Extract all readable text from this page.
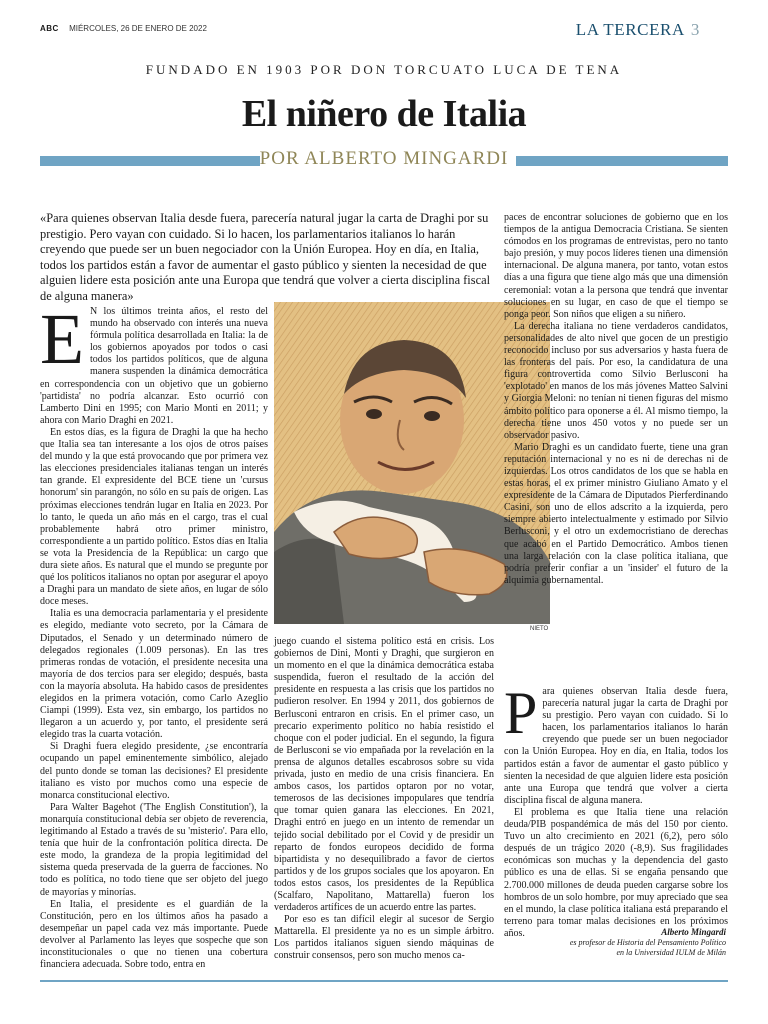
ABC MIÉRCOLES, 26 DE ENERO DE 2022	LA TERCERA 3
FUNDADO EN 1903 POR DON TORCUATO LUCA DE TENA
El niñero de Italia
POR ALBERTO MINGARDI
«Para quienes observan Italia desde fuera, parecería natural jugar la carta de Draghi por su prestigio. Pero vayan con cuidado. Si lo hacen, los parlamentarios italianos lo harán creyendo que puede ser un buen negociador con la Unión Europea. Hoy en día, en Italia, todos los partidos están a favor de aumentar el gasto público y sienten la necesidad de que alguien lidere esta posición ante una Europa que tendrá que volver a cierta disciplina fiscal de alguna manera»

E N los últimos treinta años, el resto del mundo ha observado con interés una nueva fórmula política desarrollada en Italia: la de los gobiernos apoyados por todos o casi todos los partidos políticos, que de alguna manera suspenden la dinámica democrática en correspondencia con un objetivo que un gobierno 'partidista' no podría alcanzar. Esto ocurrió con Lamberto Dini en 1995; con Mario Monti en 2011; y ahora con Mario Draghi en 2021.

En estos días, es la figura de Draghi la que ha hecho que Italia sea tan interesante a los ojos de otros países del mundo y la que está provocando que por primera vez las elecciones presidenciales italianas tengan un interés tan grande. El expresidente del BCE tiene un 'cursus honorum' sin parangón, no sólo en su país de origen. Las próximas elecciones tendrán lugar en Italia en 2023. Por lo tanto, le queda un año más en el cargo, tras el cual probablemente habrá otro primer ministro, correspondiente a un partido político. Estos días en Italia se vota la Presidencia de la República: un cargo que dura siete años. Es natural que el mundo se pregunte por qué los políticos italianos no optan por asegurar el apoyo a Draghi para un mandato de siete años, en lugar de sólo doce meses.

Italia es una democracia parlamentaria y el presidente es elegido, mediante voto secreto, por la Cámara de Diputados, el Senado y un determinado número de delegados regionales (1.009 personas). En las tres primeras rondas de votación, el presidente necesita una mayoría de dos tercios para ser elegido; después, basta con la mayoría absoluta. Ha habido casos de presidentes elegidos en la primera votación, como Carlo Azeglio Ciampi (1999). Esta vez, sin embargo, los partidos no llegaron a un acuerdo y, por tanto, el presidente será elegido tras la cuarta votación.

Si Draghi fuera elegido presidente, ¿se encontraría ocupando un papel eminentemente simbólico, alejado del punto donde se toman las decisiones? El presidente italiano es visto por muchos como una especie de monarca constitucional electivo.

Para Walter Bagehot ('The English Constitution'), la monarquía constitucional debía ser objeto de reverencia, legitimando al Estado a través de su 'misterio'. Para ello, tenía que huir de la confrontación política directa. De este modo, la grandeza de la propia legitimidad del sistema queda preservada de la guerra de facciones. No todo es política, no todo tiene que ser objeto del juego de mayorías y minorías.

En Italia, el presidente es el guardián de la Constitución, pero en los últimos años ha pasado a desempeñar un papel cada vez más importante. Puede devolver al Parlamento las leyes que sospeche que son inconstitucionales o que no tienen una cobertura financiera adecuada. Sobre todo, entra en

NIETO

juego cuando el sistema político está en crisis. Los gobiernos de Dini, Monti y Draghi, que surgieron en un momento en el que la dinámica democrática estaba suspendida, fueron el resultado de la acción del presidente en respuesta a las crisis que los partidos no pudieron resolver. En 1994 y 2011, dos gobiernos de Berlusconi entraron en crisis. En el primer caso, un precario experimento político no había resistido el choque con el poder judicial. En el segundo, la figura de Berlusconi se vio empañada por la revelación en la prensa de algunos detalles escabrosos sobre su vida privada, justo en medio de una crisis financiera. En ambos casos, los partidos optaron por no votar, temerosos de las decisiones impopulares que tendría que tomar quien ganara las elecciones. En 2021, Draghi entró en juego en un intento de remendar un tejido social debilitado por el Covid y de presidir un reparto de fondos europeos decidido de forma bipartidista y no desequilibrado a favor de ciertos partidos y de los grupos sociales que los apoyaron. En todos estos casos, los presidentes de la República (Scalfaro, Napolitano, Mattarella) fueron los verdaderos artífices de un acuerdo entre las partes.

Por eso es tan difícil elegir al sucesor de Sergio Mattarella. El presidente ya no es un simple árbitro. Los partidos italianos siguen siendo máquinas de construir consensos, pero son mucho menos ca-

paces de encontrar soluciones de gobierno que en los tiempos de la antigua Democracia Cristiana. Se sienten cómodos en los programas de entrevistas, pero no tanto bajo presión, y muy pocos líderes tienen una dimensión internacional. De alguna manera, por tanto, votan estos días a una figura que tiene algo más que una dimensión ceremonial: votan a la persona que tendrá que inventar soluciones en su lugar, en caso de que el tiempo se ponga peor. Son niños que eligen a su niñero.

La derecha italiana no tiene verdaderos candidatos, personalidades de alto nivel que gocen de un prestigio reconocido incluso por sus adversarios y hasta fuera de las fronteras del país. Por eso, la candidatura de una figura controvertida como Silvio Berlusconi ha 'explotado' en manos de los más jóvenes Matteo Salvini y Giorgia Meloni: no tenían ni tienen figuras del mismo ámbito político para oponerse a él. Al mismo tiempo, la derecha tiene unos 450 votos y no puede ser un observador pasivo.

Mario Draghi es un candidato fuerte, tiene una gran reputación internacional y no es ni de derechas ni de izquierdas. Los otros candidatos de los que se habla en estas horas, el ex primer ministro Giuliano Amato y el expresidente de la Cámara de Diputados Pierferdinando Casini, son uno de ellos adscrito a la izquierda, pero siempre abierto intelectualmente y estimado por Silvio Berlusconi, y el otro un exdemocristiano de derechas que acabó en el Partido Democrático. Ambos tienen una larga relación con la clase política italiana, que podría preferir confiar a un 'insider' el futuro de la alquimia gubernamental.

Para quienes observan Italia desde fuera, parecería natural jugar la carta de Draghi por su prestigio. Pero vayan con cuidado. Si lo hacen, los parlamentarios italianos lo harán creyendo que puede ser un buen negociador con la Unión Europea. Hoy en día, en Italia, todos los partidos están a favor de aumentar el gasto público y sienten la necesidad de que alguien lidere esta posición ante una Europa que tendrá que volver a cierta disciplina fiscal de alguna manera.

El problema es que Italia tiene una relación deuda/PIB pospandémica de más del 150 por ciento. Tuvo un alto crecimiento en 2021 (6,2), pero sólo después de un trágico 2020 (-8,9). Sus fragilidades económicas son muchas y la dependencia del gasto público es una de ellas. Si se engaña pensando que 2.700.000 millones de deuda pueden cargarse sobre los hombros de un solo hombre, por muy apreciado que sea en el mundo, la clase política italiana está preparando el terreno para tomar malas decisiones en los próximos años.	Alberto Mingardi
es profesor de Historia del Pensamiento Político
en la Universidad IULM de Milán
